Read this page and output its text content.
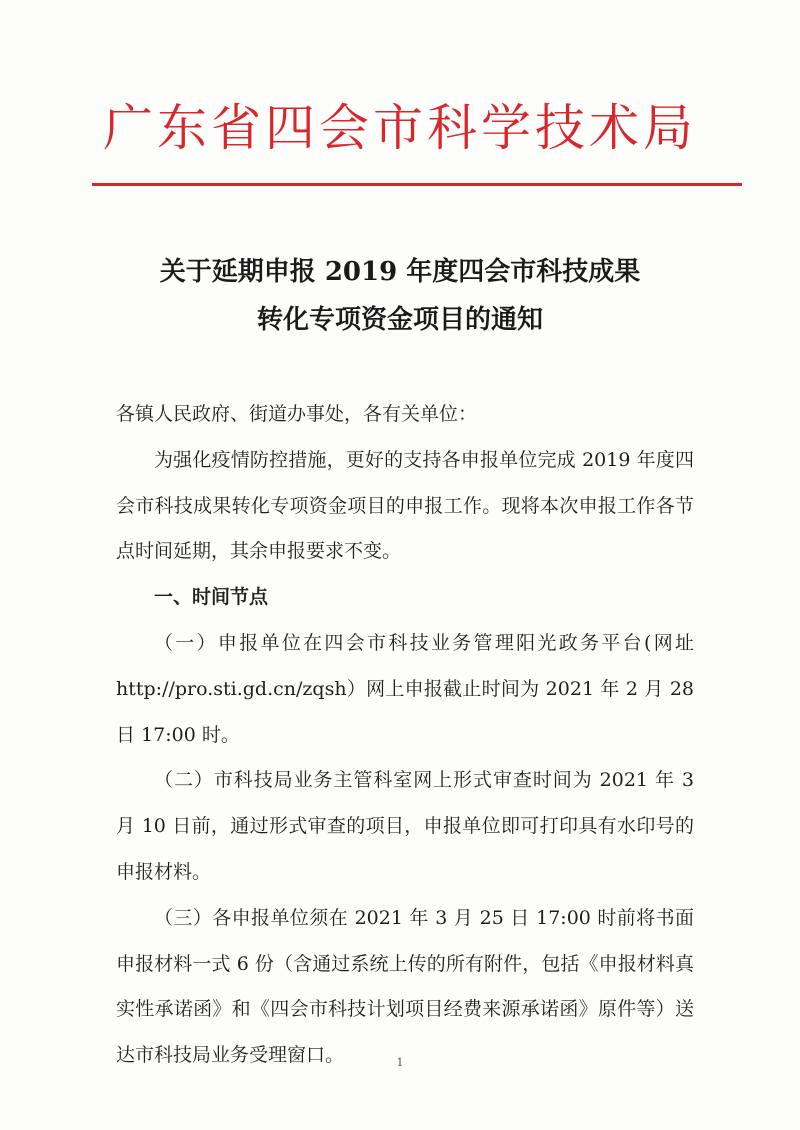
广东省四会市科学技术局
关于延期申报 2019 年度四会市科技成果
转化专项资金项目的通知

各镇人民政府、街道办事处，各有关单位：

为强化疫情防控措施，更好的支持各申报单位完成 2019 年度四会市科技成果转化专项资金项目的申报工作。现将本次申报工作各节点时间延期，其余申报要求不变。

一、时间节点

（一）申报单位在四会市科技业务管理阳光政务平台(网址 http://pro.sti.gd.cn/zqsh）网上申报截止时间为 2021 年 2 月 28 日 17:00 时。

（二）市科技局业务主管科室网上形式审查时间为 2021 年 3 月 10 日前，通过形式审查的项目，申报单位即可打印具有水印号的申报材料。

（三）各申报单位须在 2021 年 3 月 25 日 17:00 时前将书面申报材料一式 6 份（含通过系统上传的所有附件，包括《申报材料真实性承诺函》和《四会市科技计划项目经费来源承诺函》原件等）送达市科技局业务受理窗口。	1
